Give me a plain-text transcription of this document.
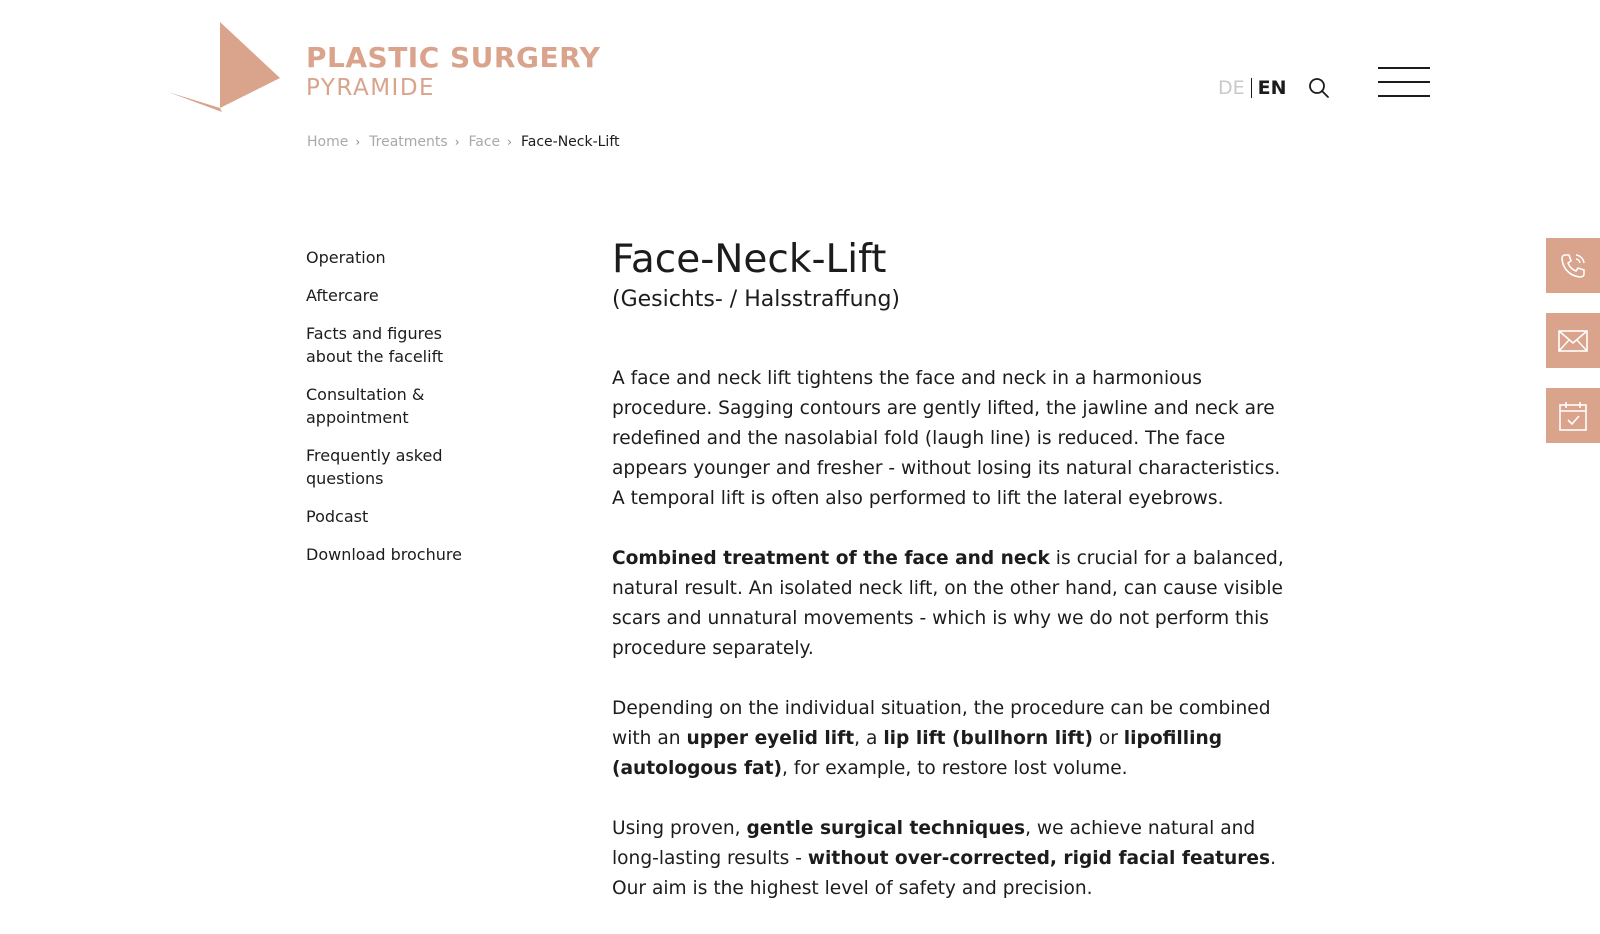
PLASTIC SURGERY
PYRAMIDE	DE EN
Home › Treatments › Face › Face-Neck-Lift
Operation
Aftercare
Facts and figures about the facelift
Consultation & appointment
Frequently asked questions
Podcast
Download brochure
Face-Neck-Lift
(Gesichts- / Halsstraffung)

A face and neck lift tightens the face and neck in a harmonious procedure. Sagging contours are gently lifted, the jawline and neck are redefined and the nasolabial fold (laugh line) is reduced. The face appears younger and fresher - without losing its natural characteristics. A temporal lift is often also performed to lift the lateral eyebrows.

Combined treatment of the face and neck is crucial for a balanced, natural result. An isolated neck lift, on the other hand, can cause visible scars and unnatural movements - which is why we do not perform this procedure separately.

Depending on the individual situation, the procedure can be combined with an upper eyelid lift, a lip lift (bullhorn lift) or lipofilling (autologous fat), for example, to restore lost volume.

Using proven, gentle surgical techniques, we achieve natural and long-lasting results - without over-corrected, rigid facial features. Our aim is the highest level of safety and precision.
